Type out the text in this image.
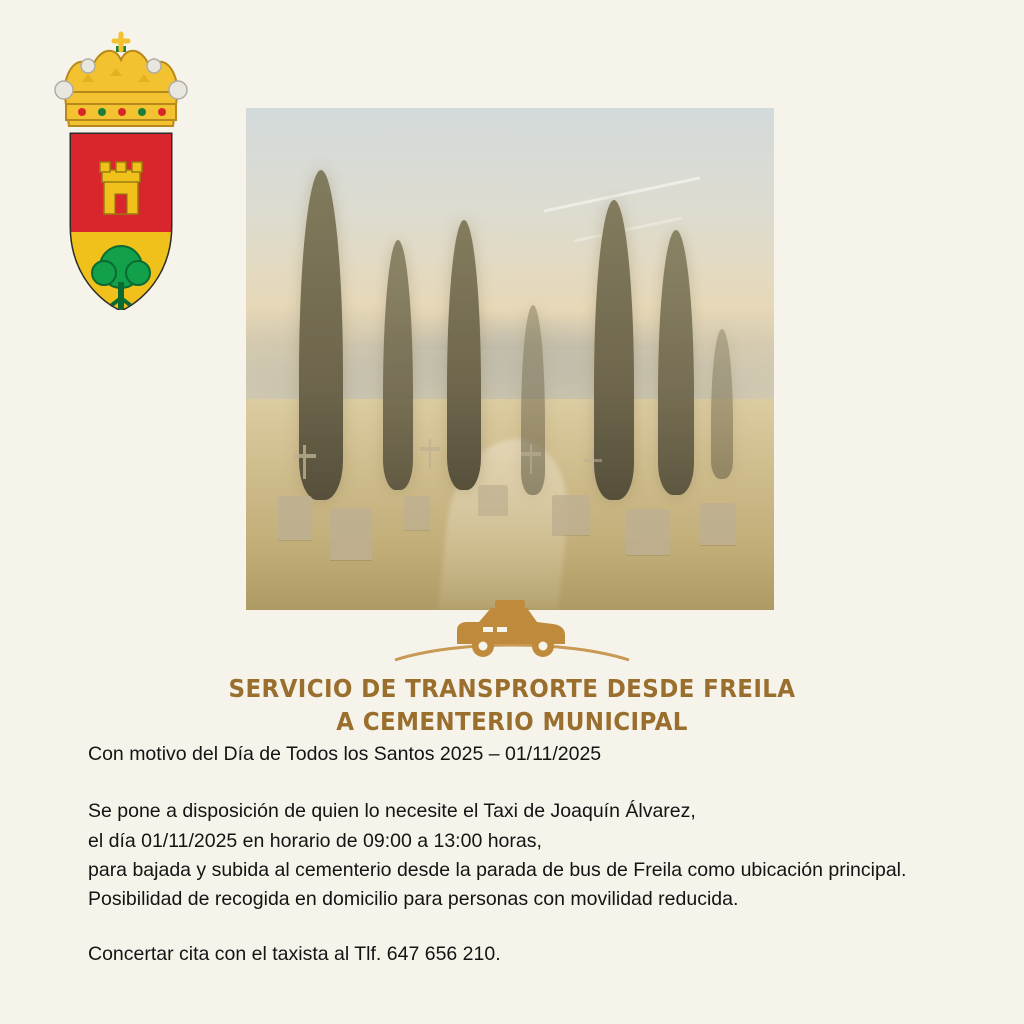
SERVICIO DE TRANSPRORTE DESDE FREILA
A CEMENTERIO MUNICIPAL

Con motivo del Día de Todos los Santos 2025 – 01/11/2025

Se pone a disposición de quien lo necesite el Taxi de Joaquín Álvarez,

el día 01/11/2025 en horario de 09:00 a 13:00 horas,

para bajada y subida al cementerio desde la parada de bus de Freila como ubicación principal.

Posibilidad de recogida en domicilio para personas con movilidad reducida.

Concertar cita con el taxista al Tlf. 647 656 210.
